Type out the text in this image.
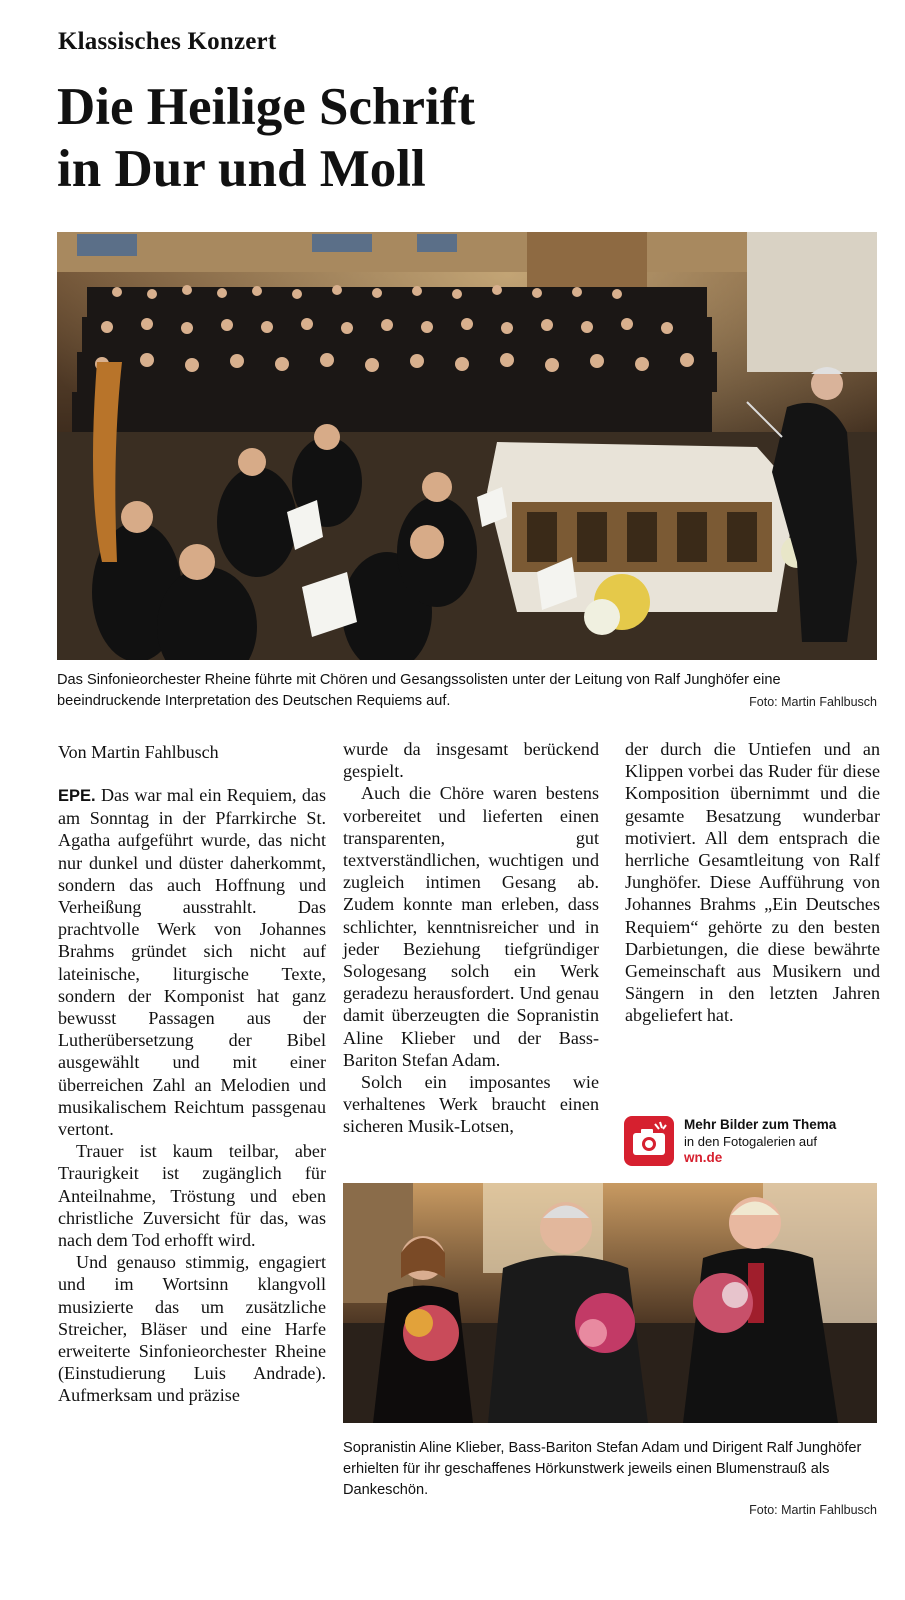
Klassisches Konzert
Die Heilige Schrift
in Dur und Moll
Das Sinfonieorchester Rheine führte mit Chören und Gesangssolisten unter der Leitung von Ralf Junghöfer eine beeindruckende Interpretation des Deutschen Requiems auf.	Foto: Martin Fahlbusch
Von Martin Fahlbusch

EPE. Das war mal ein Requiem, das am Sonntag in der Pfarrkirche St. Agatha aufgeführt wurde, das nicht nur dunkel und düster daherkommt, sondern das auch Hoffnung und Verheißung ausstrahlt. Das prachtvolle Werk von Johannes Brahms gründet sich nicht auf lateinische, liturgische Texte, sondern der Komponist hat ganz bewusst Passagen aus der Lutherübersetzung der Bibel ausgewählt und mit einer überreichen Zahl an Melodien und musikalischem Reichtum passgenau vertont.

Trauer ist kaum teilbar, aber Traurigkeit ist zugänglich für Anteilnahme, Tröstung und eben christliche Zuversicht für das, was nach dem Tod erhofft wird.

Und genauso stimmig, engagiert und im Wortsinn klangvoll musizierte das um zusätzliche Streicher, Bläser und eine Harfe erweiterte Sinfonieorchester Rheine (Einstudierung Luis Andrade). Aufmerksam und präzise

wurde da insgesamt berückend gespielt.

Auch die Chöre waren bestens vorbereitet und lieferten einen transparenten, gut textverständlichen, wuchtigen und zugleich intimen Gesang ab. Zudem konnte man erleben, dass schlichter, kenntnisreicher und in jeder Beziehung tiefgründiger Sologesang solch ein Werk geradezu herausfordert. Und genau damit überzeugten die Sopranistin Aline Klieber und der Bass-Bariton Stefan Adam.

Solch ein imposantes wie verhaltenes Werk braucht einen sicheren Musik-Lotsen,

der durch die Untiefen und an Klippen vorbei das Ruder für diese Komposition übernimmt und die gesamte Besatzung wunderbar motiviert. All dem entsprach die herrliche Gesamtleitung von Ralf Junghöfer. Diese Aufführung von Johannes Brahms „Ein Deutsches Requiem“ gehörte zu den besten Darbietungen, die diese bewährte Gemeinschaft aus Musikern und Sängern in den letzten Jahren abgeliefert hat.

Mehr Bilder zum Thema
in den Fotogalerien auf
wn.de
Sopranistin Aline Klieber, Bass-Bariton Stefan Adam und Dirigent Ralf Junghöfer erhielten für ihr geschaffenes Hörkunstwerk jeweils einen Blumenstrauß als Dankeschön.
Foto: Martin Fahlbusch
